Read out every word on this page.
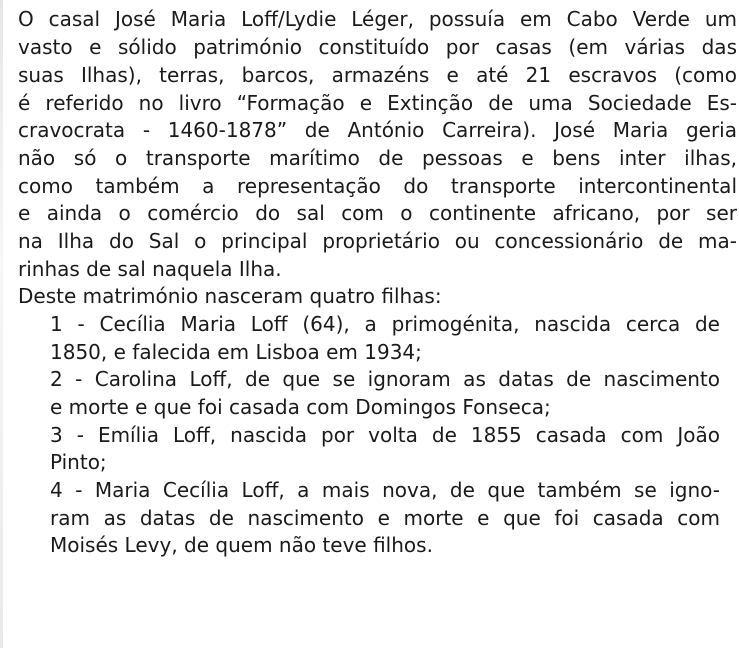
O casal José Maria Loff/Lydie Léger, possuía em Cabo Verde um
vasto e sólido património constituído por casas (em várias das
suas Ilhas), terras, barcos, armazéns e até 21 escravos (como
é referido no livro “Formação e Extinção de uma Sociedade Es-
cravocrata - 1460-1878” de António Carreira). José Maria geria
não só o transporte marítimo de pessoas e bens inter ilhas,
como também a representação do transporte intercontinental
e ainda o comércio do sal com o continente africano, por ser
na Ilha do Sal o principal proprietário ou concessionário de ma-
rinhas de sal naquela Ilha.
Deste matrimónio nasceram quatro filhas:
1 - Cecília Maria Loff (64), a primogénita, nascida cerca de
1850, e falecida em Lisboa em 1934;
2 - Carolina Loff, de que se ignoram as datas de nascimento
e morte e que foi casada com Domingos Fonseca;
3 - Emília Loff, nascida por volta de 1855 casada com João
Pinto;
4 - Maria Cecília Loff, a mais nova, de que também se igno-
ram as datas de nascimento e morte e que foi casada com
Moisés Levy, de quem não teve filhos.
